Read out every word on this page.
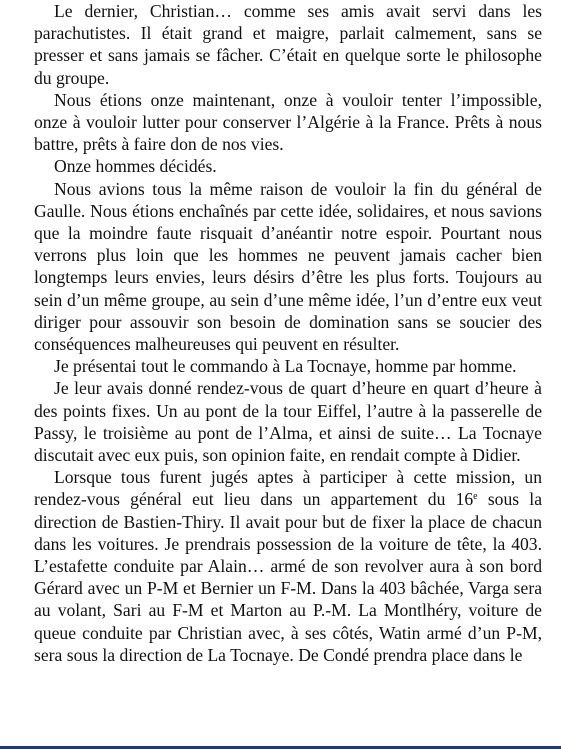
Le dernier, Christian… comme ses amis avait servi dans les parachutistes. Il était grand et maigre, parlait calmement, sans se presser et sans jamais se fâcher. C’était en quelque sorte le philosophe du groupe.

Nous étions onze maintenant, onze à vouloir tenter l’impossible, onze à vouloir lutter pour conserver l’Algérie à la France. Prêts à nous battre, prêts à faire don de nos vies.

Onze hommes décidés.

Nous avions tous la même raison de vouloir la fin du général de Gaulle. Nous étions enchaînés par cette idée, solidaires, et nous savions que la moindre faute risquait d’anéantir notre espoir. Pourtant nous verrons plus loin que les hommes ne peuvent jamais cacher bien longtemps leurs envies, leurs désirs d’être les plus forts. Toujours au sein d’un même groupe, au sein d’une même idée, l’un d’entre eux veut diriger pour assouvir son besoin de domination sans se soucier des conséquences malheureuses qui peuvent en résulter.

Je présentai tout le commando à La Tocnaye, homme par homme.

Je leur avais donné rendez-vous de quart d’heure en quart d’heure à des points fixes. Un au pont de la tour Eiffel, l’autre à la passerelle de Passy, le troisième au pont de l’Alma, et ainsi de suite… La Tocnaye discutait avec eux puis, son opinion faite, en rendait compte à Didier.

Lorsque tous furent jugés aptes à participer à cette mission, un rendez-vous général eut lieu dans un appartement du 16e sous la direction de Bastien-Thiry. Il avait pour but de fixer la place de chacun dans les voitures. Je prendrais possession de la voiture de tête, la 403. L’estafette conduite par Alain… armé de son revolver aura à son bord Gérard avec un P-M et Bernier un F-M. Dans la 403 bâchée, Varga sera au volant, Sari au F-M et Marton au P.-M. La Montlhéry, voiture de queue conduite par Christian avec, à ses côtés, Watin armé d’un P-M, sera sous la direction de La Tocnaye. De Condé prendra place dans le
